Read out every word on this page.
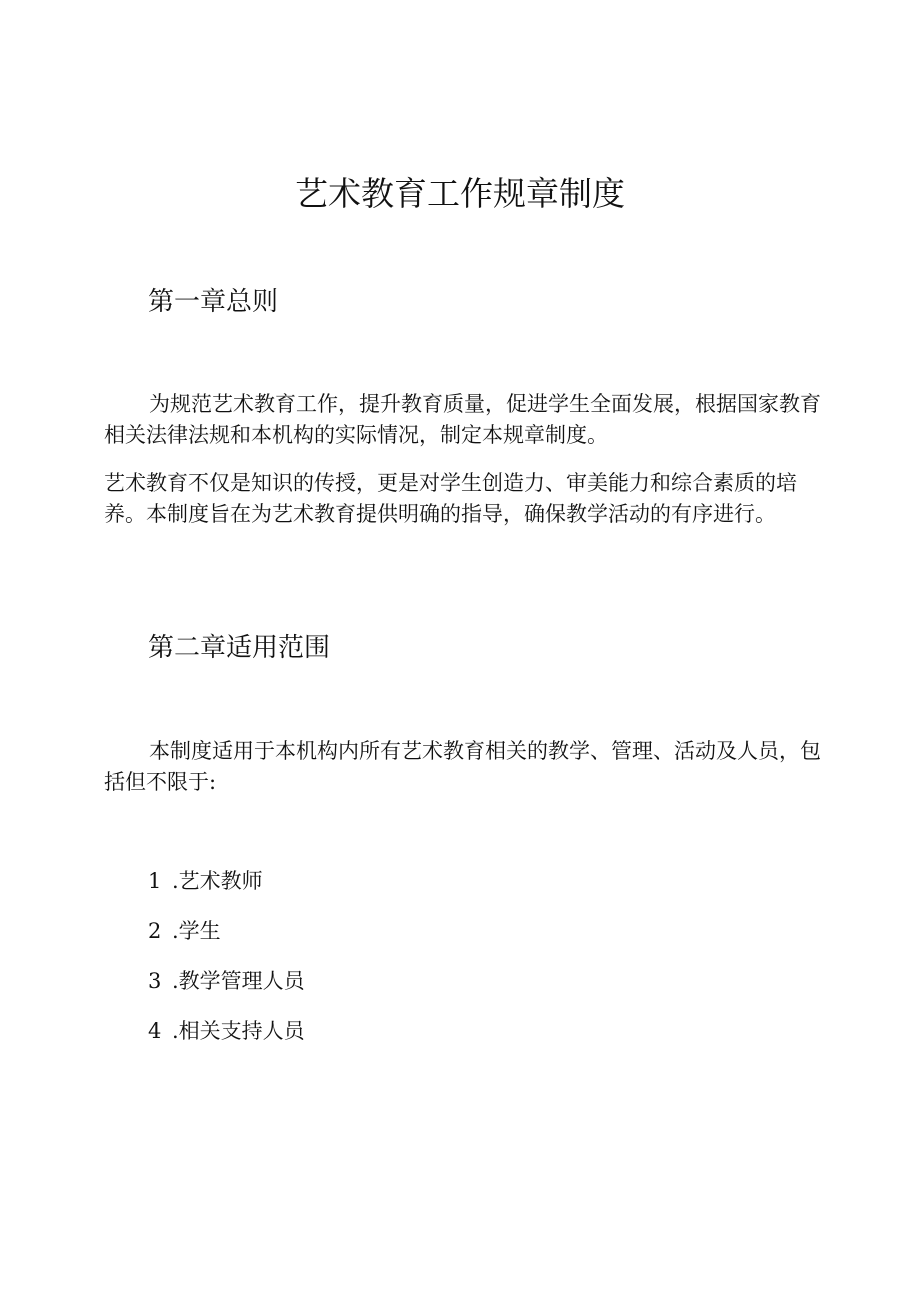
艺术教育工作规章制度
第一章总则

为规范艺术教育工作，提升教育质量，促进学生全面发展，根据国家教育相关法律法规和本机构的实际情况，制定本规章制度。

艺术教育不仅是知识的传授，更是对学生创造力、审美能力和综合素质的培养。本制度旨在为艺术教育提供明确的指导，确保教学活动的有序进行。

第二章适用范围

本制度适用于本机构内所有艺术教育相关的教学、管理、活动及人员，包括但不限于:

1 .艺术教师
2 .学生
3 .教学管理人员
4 .相关支持人员
